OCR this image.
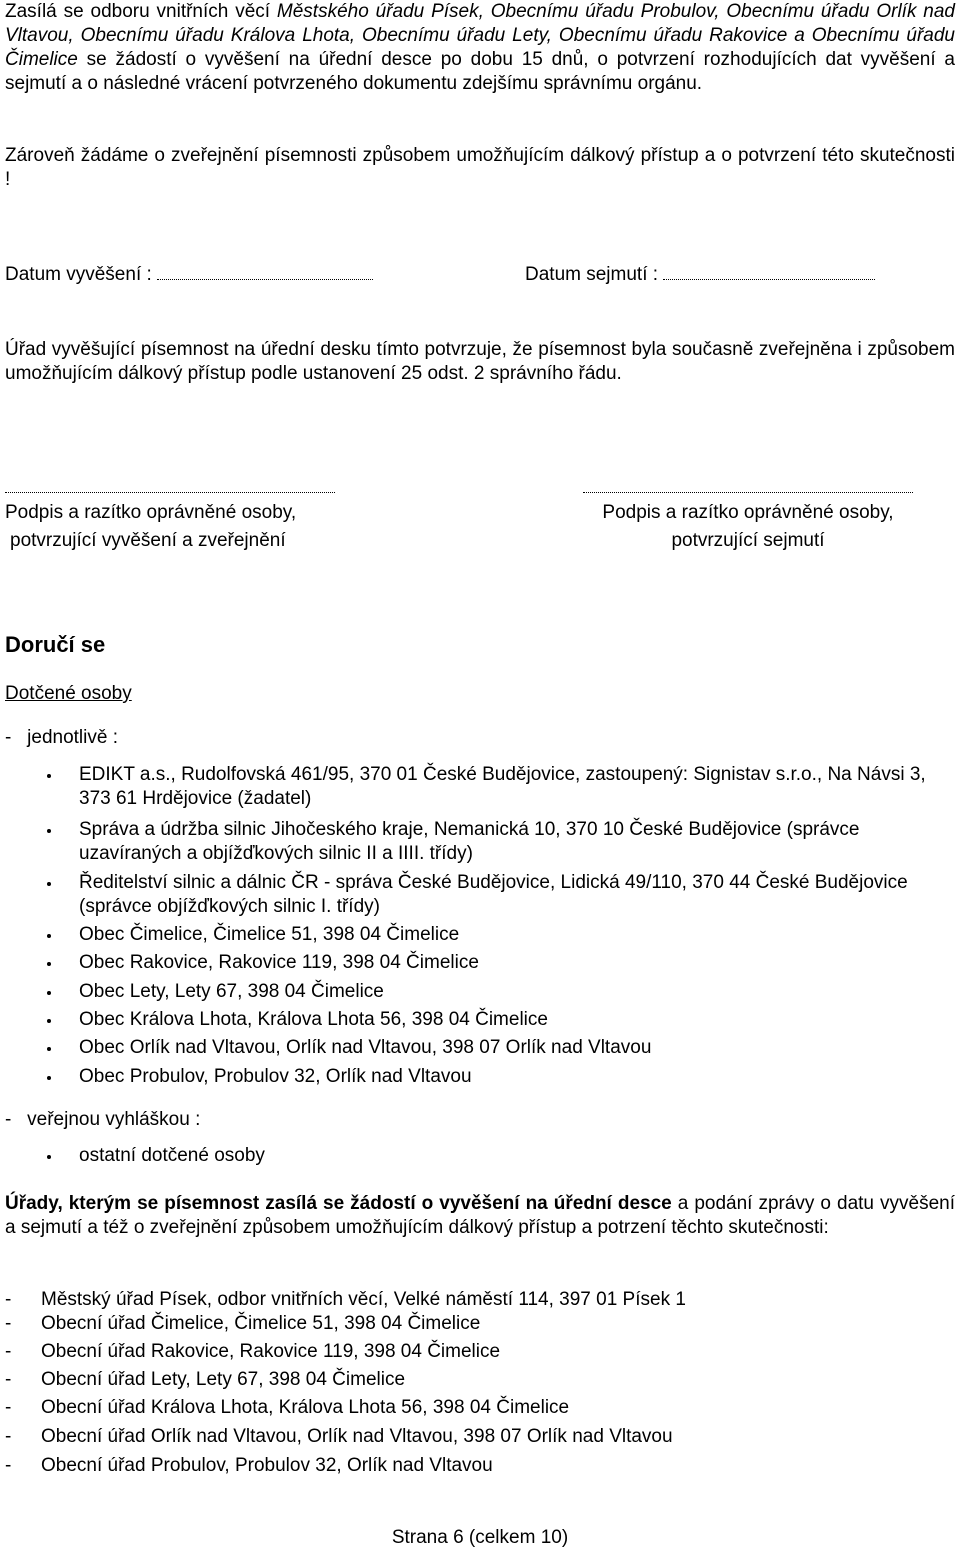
Zasílá se odboru vnitřních věcí Městského úřadu Písek, Obecnímu úřadu Probulov, Obecnímu úřadu Orlík nad Vltavou, Obecnímu úřadu Králova Lhota, Obecnímu úřadu Lety, Obecnímu úřadu Rakovice a Obecnímu úřadu Čimelice se žádostí o vyvěšení na úřední desce po dobu 15 dnů, o potvrzení rozhodujících dat vyvěšení a sejmutí a o následné vrácení potvrzeného dokumentu zdejšímu správnímu orgánu.

Zároveň žádáme o zveřejnění písemnosti způsobem umožňujícím dálkový přístup a o potvrzení této skutečnosti !

Datum vyvěšení :	Datum sejmutí :

Úřad vyvěšující písemnost na úřední desku tímto potvrzuje, že písemnost byla současně zveřejněna i způsobem umožňujícím dálkový přístup podle ustanovení 25 odst. 2 správního řádu.

Podpis a razítko oprávněné osoby,
potvrzující vyvěšení a zveřejnění
Podpis a razítko oprávněné osoby,
potvrzující sejmutí
Doručí se
Dotčené osoby
-   jednotlivě :
EDIKT a.s., Rudolfovská 461/95, 370 01 České Budějovice, zastoupený: Signistav s.r.o., Na Návsi 3, 373 61 Hrdějovice (žadatel)
Správa a údržba silnic Jihočeského kraje, Nemanická 10, 370 10 České Budějovice (správce uzavíraných a objížďkových silnic II a IIII. třídy)
Ředitelství silnic a dálnic ČR - správa České Budějovice, Lidická 49/110, 370 44 České Budějovice (správce objížďkových silnic I. třídy)
Obec Čimelice, Čimelice 51, 398 04 Čimelice
Obec Rakovice, Rakovice 119, 398 04 Čimelice
Obec Lety, Lety 67, 398 04 Čimelice
Obec Králova Lhota, Králova Lhota 56, 398 04 Čimelice
Obec Orlík nad Vltavou, Orlík nad Vltavou, 398 07 Orlík nad Vltavou
Obec Probulov, Probulov 32, Orlík nad Vltavou
-   veřejnou vyhláškou :
ostatní dotčené osoby

Úřady, kterým se písemnost zasílá se žádostí o vyvěšení na úřední desce a podání zprávy o datu vyvěšení a sejmutí a též o zveřejnění způsobem umožňujícím dálkový přístup a potrzení těchto skutečnosti:

- Městský úřad Písek, odbor vnitřních věcí, Velké náměstí 114, 397 01 Písek 1
- Obecní úřad Čimelice, Čimelice 51, 398 04 Čimelice
- Obecní úřad Rakovice, Rakovice 119, 398 04 Čimelice
- Obecní úřad Lety, Lety 67, 398 04 Čimelice
- Obecní úřad Králova Lhota, Králova Lhota 56, 398 04 Čimelice
- Obecní úřad Orlík nad Vltavou, Orlík nad Vltavou, 398 07 Orlík nad Vltavou
- Obecní úřad Probulov, Probulov 32, Orlík nad Vltavou
Strana 6 (celkem 10)
